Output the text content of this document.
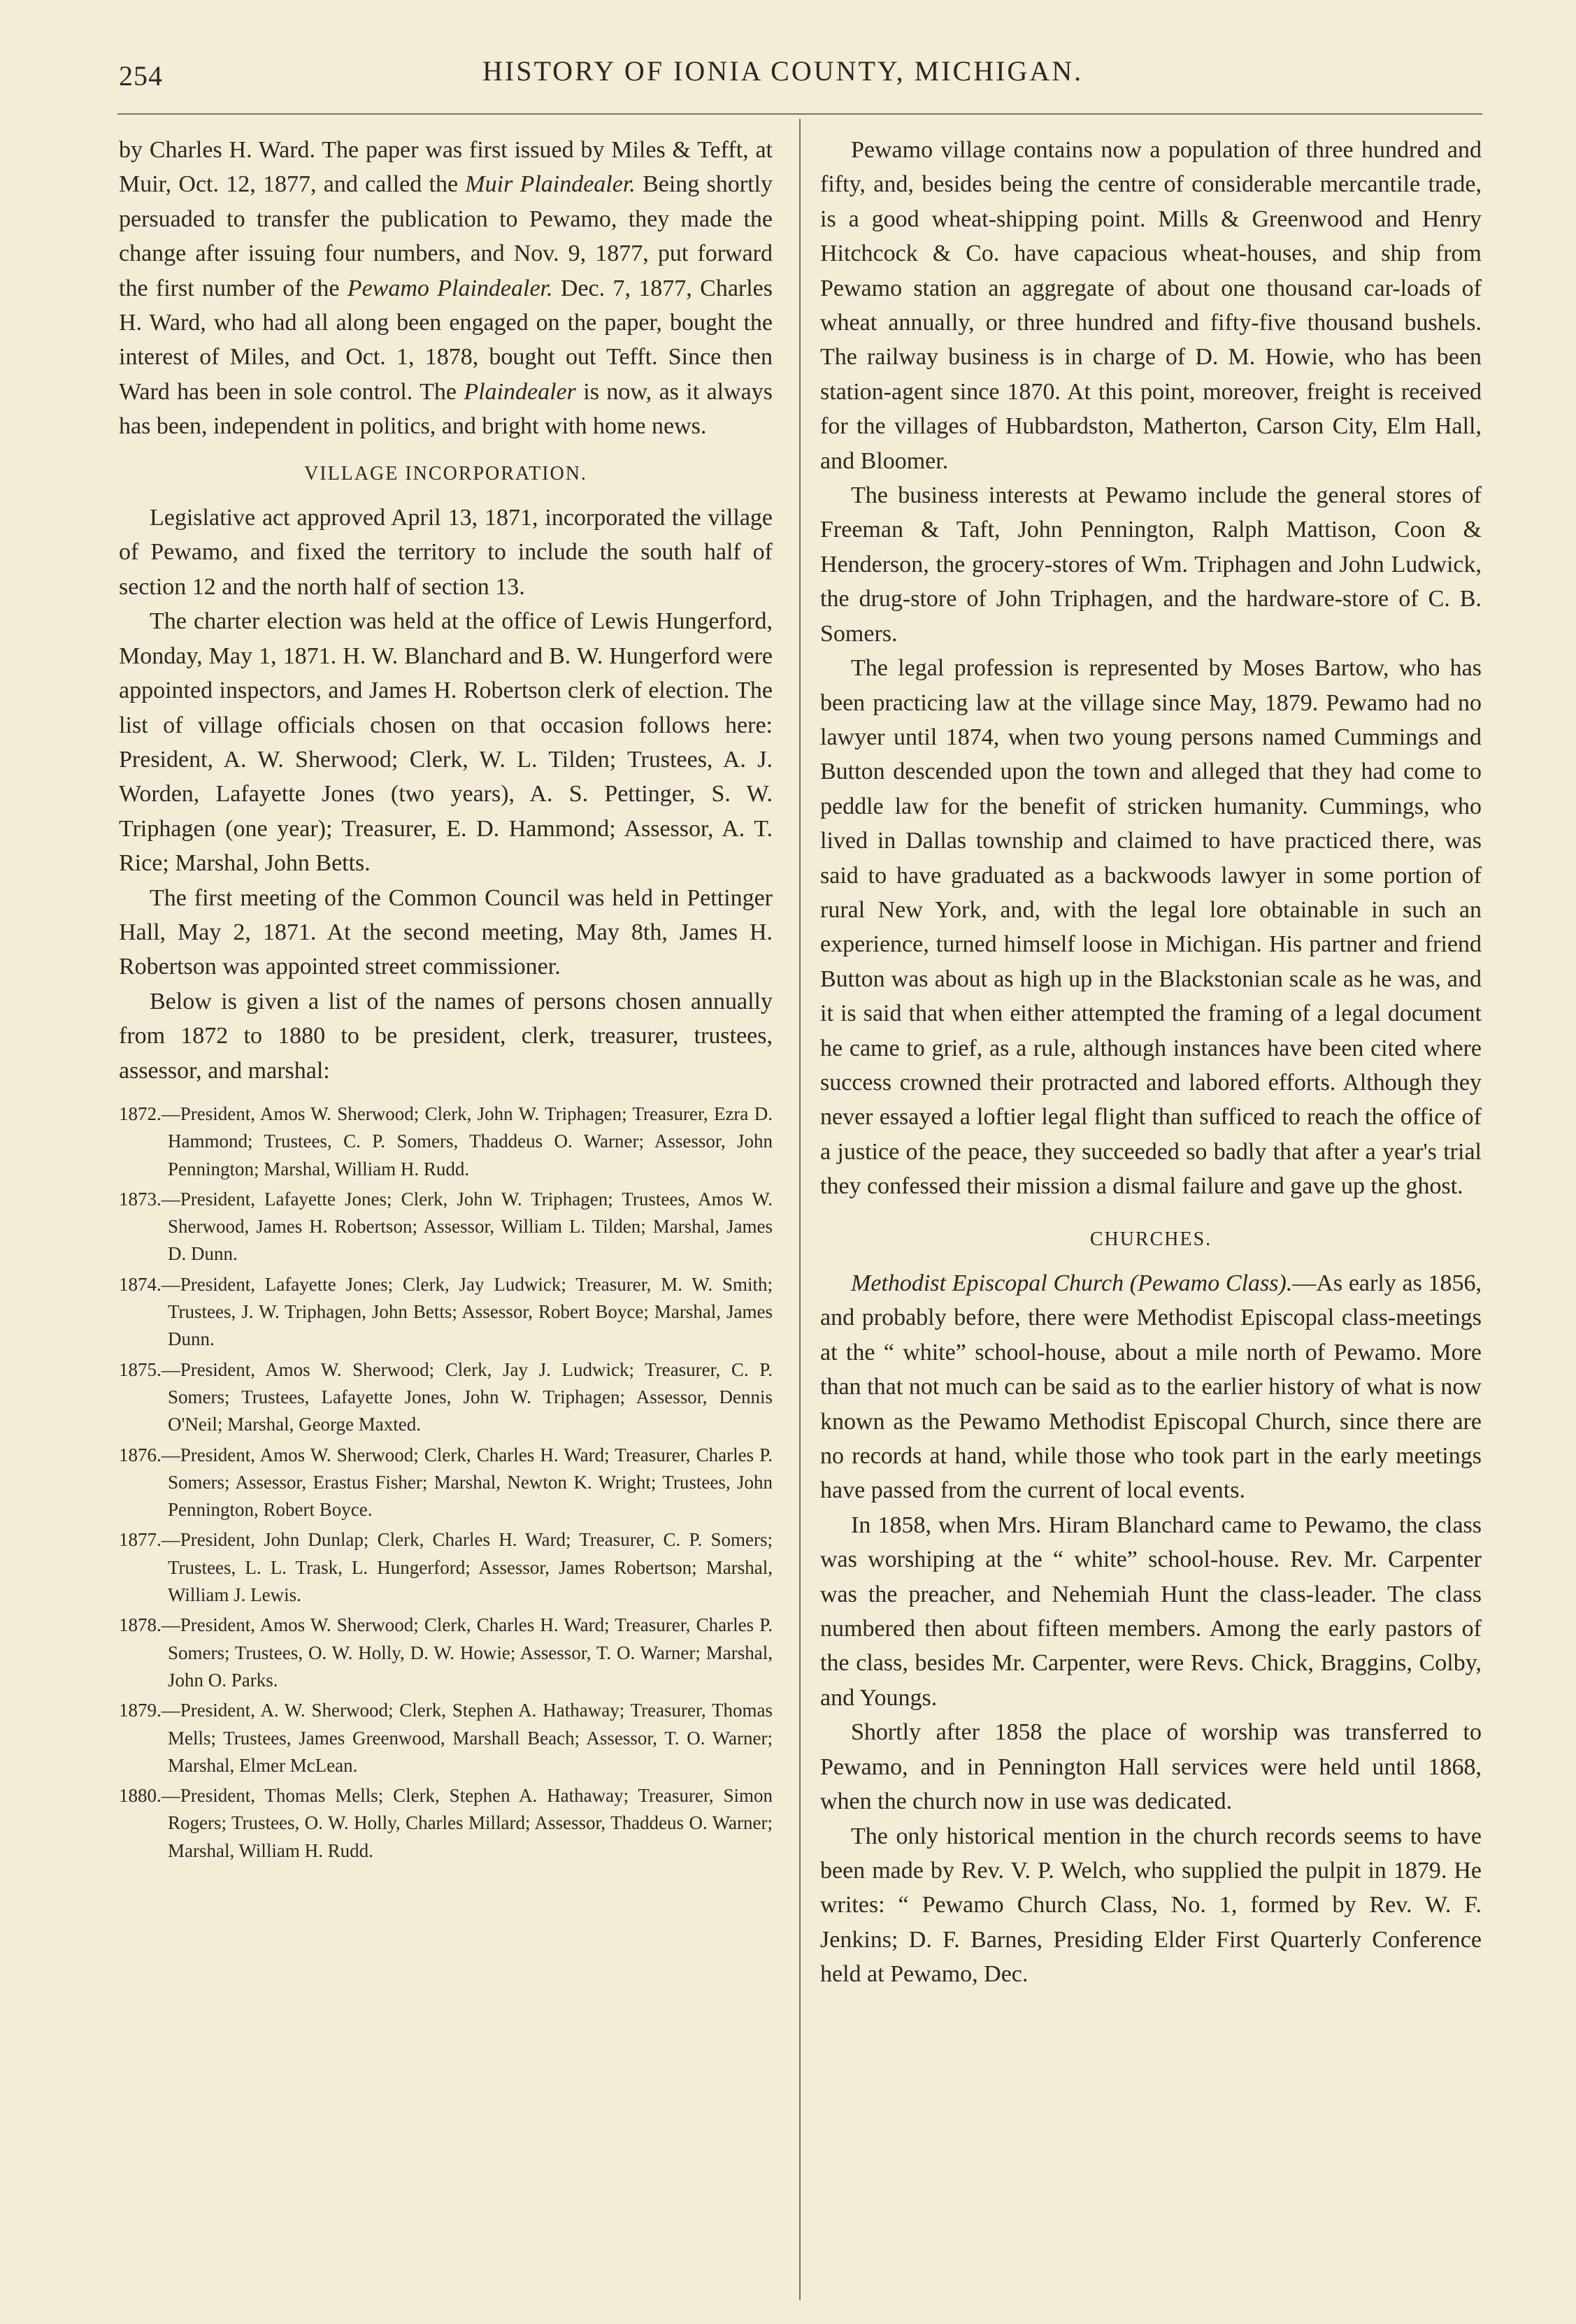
254	HISTORY OF IONIA COUNTY, MICHIGAN.

by Charles H. Ward. The paper was first issued by Miles & Tefft, at Muir, Oct. 12, 1877, and called the Muir Plaindealer. Being shortly persuaded to transfer the publication to Pewamo, they made the change after issuing four numbers, and Nov. 9, 1877, put forward the first number of the Pewamo Plaindealer. Dec. 7, 1877, Charles H. Ward, who had all along been engaged on the paper, bought the interest of Miles, and Oct. 1, 1878, bought out Tefft. Since then Ward has been in sole control. The Plaindealer is now, as it always has been, independent in politics, and bright with home news.

VILLAGE INCORPORATION.

Legislative act approved April 13, 1871, incorporated the village of Pewamo, and fixed the territory to include the south half of section 12 and the north half of section 13.

The charter election was held at the office of Lewis Hungerford, Monday, May 1, 1871. H. W. Blanchard and B. W. Hungerford were appointed inspectors, and James H. Robertson clerk of election. The list of village officials chosen on that occasion follows here: President, A. W. Sherwood; Clerk, W. L. Tilden; Trustees, A. J. Worden, Lafayette Jones (two years), A. S. Pettinger, S. W. Triphagen (one year); Treasurer, E. D. Hammond; Assessor, A. T. Rice; Marshal, John Betts.

The first meeting of the Common Council was held in Pettinger Hall, May 2, 1871. At the second meeting, May 8th, James H. Robertson was appointed street commissioner.

Below is given a list of the names of persons chosen annually from 1872 to 1880 to be president, clerk, treasurer, trustees, assessor, and marshal:

1872.—President, Amos W. Sherwood; Clerk, John W. Triphagen; Treasurer, Ezra D. Hammond; Trustees, C. P. Somers, Thaddeus O. Warner; Assessor, John Pennington; Marshal, William H. Rudd.
1873.—President, Lafayette Jones; Clerk, John W. Triphagen; Trustees, Amos W. Sherwood, James H. Robertson; Assessor, William L. Tilden; Marshal, James D. Dunn.
1874.—President, Lafayette Jones; Clerk, Jay Ludwick; Treasurer, M. W. Smith; Trustees, J. W. Triphagen, John Betts; Assessor, Robert Boyce; Marshal, James Dunn.
1875.—President, Amos W. Sherwood; Clerk, Jay J. Ludwick; Treasurer, C. P. Somers; Trustees, Lafayette Jones, John W. Triphagen; Assessor, Dennis O'Neil; Marshal, George Maxted.
1876.—President, Amos W. Sherwood; Clerk, Charles H. Ward; Treasurer, Charles P. Somers; Assessor, Erastus Fisher; Marshal, Newton K. Wright; Trustees, John Pennington, Robert Boyce.
1877.—President, John Dunlap; Clerk, Charles H. Ward; Treasurer, C. P. Somers; Trustees, L. L. Trask, L. Hungerford; Assessor, James Robertson; Marshal, William J. Lewis.
1878.—President, Amos W. Sherwood; Clerk, Charles H. Ward; Treasurer, Charles P. Somers; Trustees, O. W. Holly, D. W. Howie; Assessor, T. O. Warner; Marshal, John O. Parks.
1879.—President, A. W. Sherwood; Clerk, Stephen A. Hathaway; Treasurer, Thomas Mells; Trustees, James Greenwood, Marshall Beach; Assessor, T. O. Warner; Marshal, Elmer McLean.
1880.—President, Thomas Mells; Clerk, Stephen A. Hathaway; Treasurer, Simon Rogers; Trustees, O. W. Holly, Charles Millard; Assessor, Thaddeus O. Warner; Marshal, William H. Rudd.

Pewamo village contains now a population of three hundred and fifty, and, besides being the centre of considerable mercantile trade, is a good wheat-shipping point. Mills & Greenwood and Henry Hitchcock & Co. have capacious wheat-houses, and ship from Pewamo station an aggregate of about one thousand car-loads of wheat annually, or three hundred and fifty-five thousand bushels. The railway business is in charge of D. M. Howie, who has been station-agent since 1870. At this point, moreover, freight is received for the villages of Hubbardston, Matherton, Carson City, Elm Hall, and Bloomer.

The business interests at Pewamo include the general stores of Freeman & Taft, John Pennington, Ralph Mattison, Coon & Henderson, the grocery-stores of Wm. Triphagen and John Ludwick, the drug-store of John Triphagen, and the hardware-store of C. B. Somers.

The legal profession is represented by Moses Bartow, who has been practicing law at the village since May, 1879. Pewamo had no lawyer until 1874, when two young persons named Cummings and Button descended upon the town and alleged that they had come to peddle law for the benefit of stricken humanity. Cummings, who lived in Dallas township and claimed to have practiced there, was said to have graduated as a backwoods lawyer in some portion of rural New York, and, with the legal lore obtainable in such an experience, turned himself loose in Michigan. His partner and friend Button was about as high up in the Blackstonian scale as he was, and it is said that when either attempted the framing of a legal document he came to grief, as a rule, although instances have been cited where success crowned their protracted and labored efforts. Although they never essayed a loftier legal flight than sufficed to reach the office of a justice of the peace, they succeeded so badly that after a year's trial they confessed their mission a dismal failure and gave up the ghost.

CHURCHES.

Methodist Episcopal Church (Pewamo Class).—As early as 1856, and probably before, there were Methodist Episcopal class-meetings at the “ white” school-house, about a mile north of Pewamo. More than that not much can be said as to the earlier history of what is now known as the Pewamo Methodist Episcopal Church, since there are no records at hand, while those who took part in the early meetings have passed from the current of local events.

In 1858, when Mrs. Hiram Blanchard came to Pewamo, the class was worshiping at the “ white” school-house. Rev. Mr. Carpenter was the preacher, and Nehemiah Hunt the class-leader. The class numbered then about fifteen members. Among the early pastors of the class, besides Mr. Carpenter, were Revs. Chick, Braggins, Colby, and Youngs.

Shortly after 1858 the place of worship was transferred to Pewamo, and in Pennington Hall services were held until 1868, when the church now in use was dedicated.

The only historical mention in the church records seems to have been made by Rev. V. P. Welch, who supplied the pulpit in 1879. He writes: “ Pewamo Church Class, No. 1, formed by Rev. W. F. Jenkins; D. F. Barnes, Presiding Elder First Quarterly Conference held at Pewamo, Dec.
